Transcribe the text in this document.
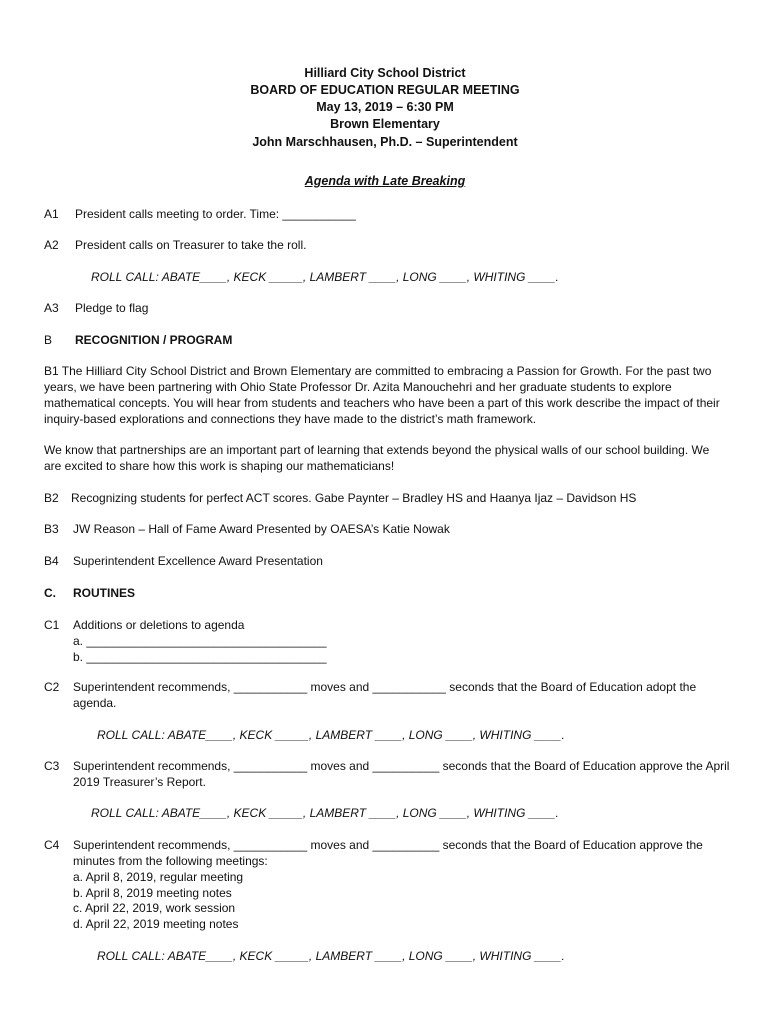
Hilliard City School District
BOARD OF EDUCATION REGULAR MEETING
May 13, 2019 – 6:30 PM
Brown Elementary
John Marschhausen, Ph.D. – Superintendent
Agenda with Late Breaking
A1 President calls meeting to order. Time: ___________
A2 President calls on Treasurer to take the roll.
ROLL CALL: ABATE____, KECK _____, LAMBERT ____, LONG ____, WHITING ____.
A3 Pledge to flag
B RECOGNITION / PROGRAM
B1 The Hilliard City School District and Brown Elementary are committed to embracing a Passion for Growth. For the past two years, we have been partnering with Ohio State Professor Dr. Azita Manouchehri and her graduate students to explore mathematical concepts. You will hear from students and teachers who have been a part of this work describe the impact of their inquiry-based explorations and connections they have made to the district’s math framework.
We know that partnerships are an important part of learning that extends beyond the physical walls of our school building. We are excited to share how this work is shaping our mathematicians!
B2 Recognizing students for perfect ACT scores. Gabe Paynter – Bradley HS and Haanya Ijaz – Davidson HS
B3 JW Reason – Hall of Fame Award Presented by OAESA’s Katie Nowak
B4 Superintendent Excellence Award Presentation
C. ROUTINES
C1 Additions or deletions to agenda
a. ____________________________________
b. ____________________________________
C2 Superintendent recommends, ___________ moves and ___________ seconds that the Board of Education adopt the
agenda.
ROLL CALL: ABATE____, KECK _____, LAMBERT ____, LONG ____, WHITING ____.
C3 Superintendent recommends, ___________ moves and __________ seconds that the Board of Education approve the April
2019 Treasurer’s Report.
ROLL CALL: ABATE____, KECK _____, LAMBERT ____, LONG ____, WHITING ____.
C4 Superintendent recommends, ___________ moves and __________ seconds that the Board of Education approve the
minutes from the following meetings:
a. April 8, 2019, regular meeting
b. April 8, 2019 meeting notes
c. April 22, 2019, work session
d. April 22, 2019 meeting notes
ROLL CALL: ABATE____, KECK _____, LAMBERT ____, LONG ____, WHITING ____.
